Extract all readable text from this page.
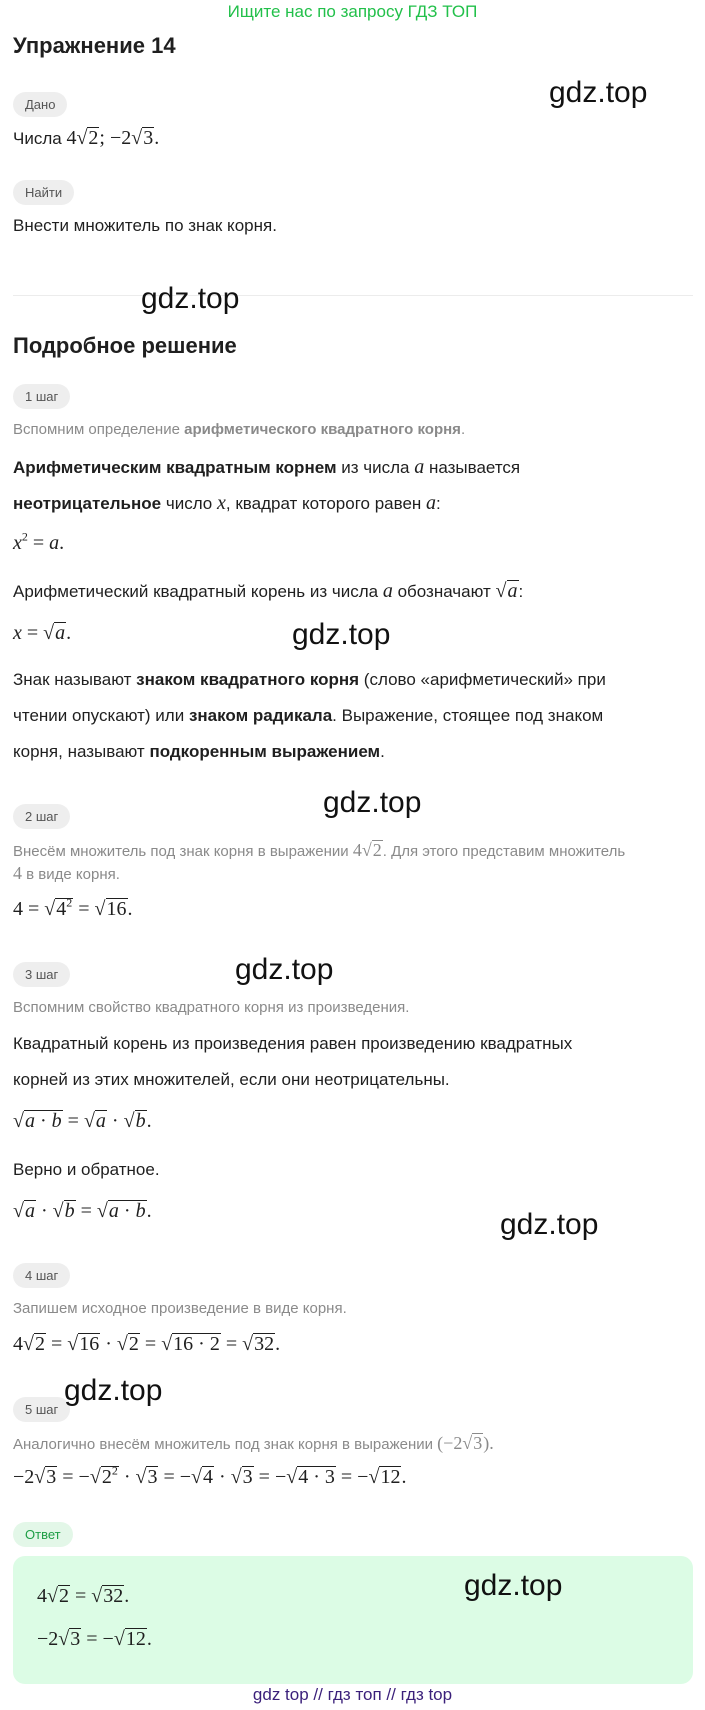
Ищите нас по запросу ГДЗ ТОП
Упражнение 14
Дано
Числа 4√2; −2√3.
Найти
Внести множитель по знак корня.
Подробное решение
1 шаг
Вспомним определение арифметического квадратного корня.
Арифметическим квадратным корнем из числа a называется
неотрицательное число x, квадрат которого равен a:
$x^2 = a$.
Арифметический квадратный корень из числа a обозначают √a:
x = √a.
Знак называют знаком квадратного корня (слово «арифметический» при
чтении опускают) или знаком радикала. Выражение, стоящее под знаком
корня, называют подкоренным выражением.
2 шаг
Внесём множитель под знак корня в выражении 4√2. Для этого представим множитель
4 в виде корня.
$4 = √4^2 = √16$.
3 шаг
Вспомним свойство квадратного корня из произведения.
Квадратный корень из произведения равен произведению квадратных
корней из этих множителей, если они неотрицательны.
√a · b = √a · √b.
Верно и обратное.
√a · √b = √a · b.
4 шаг
Запишем исходное произведение в виде корня.
4√2 = √16 · √2 = √16 · 2 = √32.
5 шаг
Аналогично внесём множитель под знак корня в выражении (−2√3).
$-2√3 = -√2^2 \cdot √3 = -√4 \cdot √3 = -√4 \cdot 3 = -√12$.
Ответ
4√2 = √32.
−2√3 = −√12.
gdz.top
gdz.top
gdz.top
gdz.top
gdz.top
gdz.top
gdz.top
gdz.top
gdz top // гдз топ // гдз top
